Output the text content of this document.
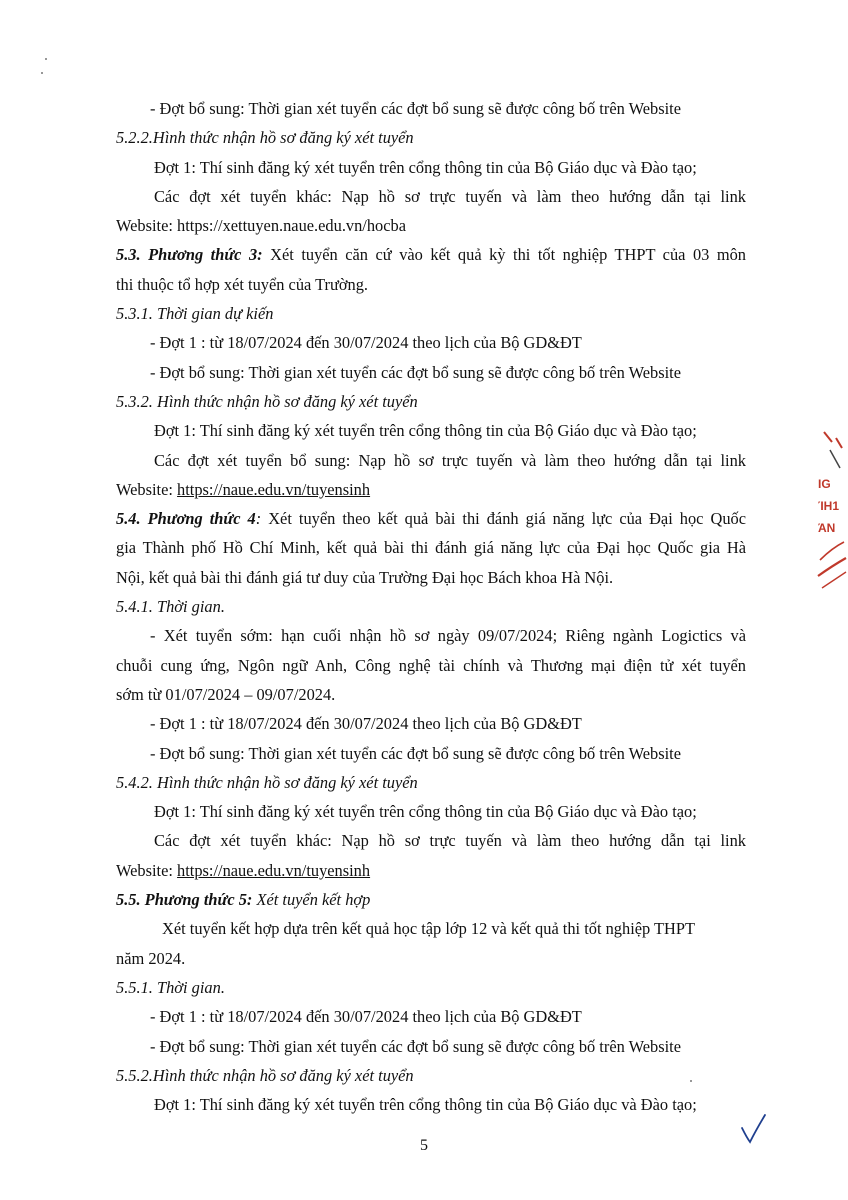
- Đợt bổ sung: Thời gian xét tuyển các đợt bổ sung sẽ được công bố trên Website
5.2.2.Hình thức nhận hồ sơ đăng ký xét tuyển
Đợt 1: Thí sinh đăng ký xét tuyển trên cổng thông tin của Bộ Giáo dục và Đào tạo;
Các đợt xét tuyển khác: Nạp hồ sơ trực tuyến và làm theo hướng dẫn tại link
Website: https://xettuyen.naue.edu.vn/hocba
5.3. Phương thức 3: Xét tuyển căn cứ vào kết quả kỳ thi tốt nghiệp THPT của 03 môn
thi thuộc tổ hợp xét tuyển của Trường.
5.3.1. Thời gian dự kiến
- Đợt 1 : từ 18/07/2024 đến 30/07/2024 theo lịch của Bộ GD&ĐT
- Đợt bổ sung: Thời gian xét tuyển các đợt bổ sung sẽ được công bố trên Website
5.3.2. Hình thức nhận hồ sơ đăng ký xét tuyển
Đợt 1: Thí sinh đăng ký xét tuyển trên cổng thông tin của Bộ Giáo dục và Đào tạo;
Các đợt xét tuyển bổ sung: Nạp hồ sơ trực tuyến và làm theo hướng dẫn tại link
Website: https://naue.edu.vn/tuyensinh
5.4. Phương thức 4: Xét tuyển theo kết quả bài thi đánh giá năng lực của Đại học Quốc
gia Thành phố Hồ Chí Minh, kết quả bài thi đánh giá năng lực của Đại học Quốc gia Hà
Nội, kết quả bài thi đánh giá tư duy của Trường Đại học Bách khoa Hà Nội.
5.4.1. Thời gian.
- Xét tuyển sớm: hạn cuối nhận hồ sơ ngày 09/07/2024; Riêng ngành Logictics và
chuỗi cung ứng, Ngôn ngữ Anh, Công nghệ tài chính và Thương mại điện tử xét tuyển
sớm từ 01/07/2024 – 09/07/2024.
- Đợt 1 : từ 18/07/2024 đến 30/07/2024 theo lịch của Bộ GD&ĐT
- Đợt bổ sung: Thời gian xét tuyển các đợt bổ sung sẽ được công bố trên Website
5.4.2. Hình thức nhận hồ sơ đăng ký xét tuyển
Đợt 1: Thí sinh đăng ký xét tuyển trên cổng thông tin của Bộ Giáo dục và Đào tạo;
Các đợt xét tuyển khác: Nạp hồ sơ trực tuyến và làm theo hướng dẫn tại link
Website: https://naue.edu.vn/tuyensinh
5.5. Phương thức 5: Xét tuyển kết hợp
Xét tuyển kết hợp dựa trên kết quả học tập lớp 12 và kết quả thi tốt nghiệp THPT
năm 2024.
5.5.1. Thời gian.
- Đợt 1 : từ 18/07/2024 đến 30/07/2024 theo lịch của Bộ GD&ĐT
- Đợt bổ sung: Thời gian xét tuyển các đợt bổ sung sẽ được công bố trên Website
5.5.2.Hình thức nhận hồ sơ đăng ký xét tuyển
Đợt 1: Thí sinh đăng ký xét tuyển trên cổng thông tin của Bộ Giáo dục và Đào tạo;
5
IG
ΊH1
ΆN
